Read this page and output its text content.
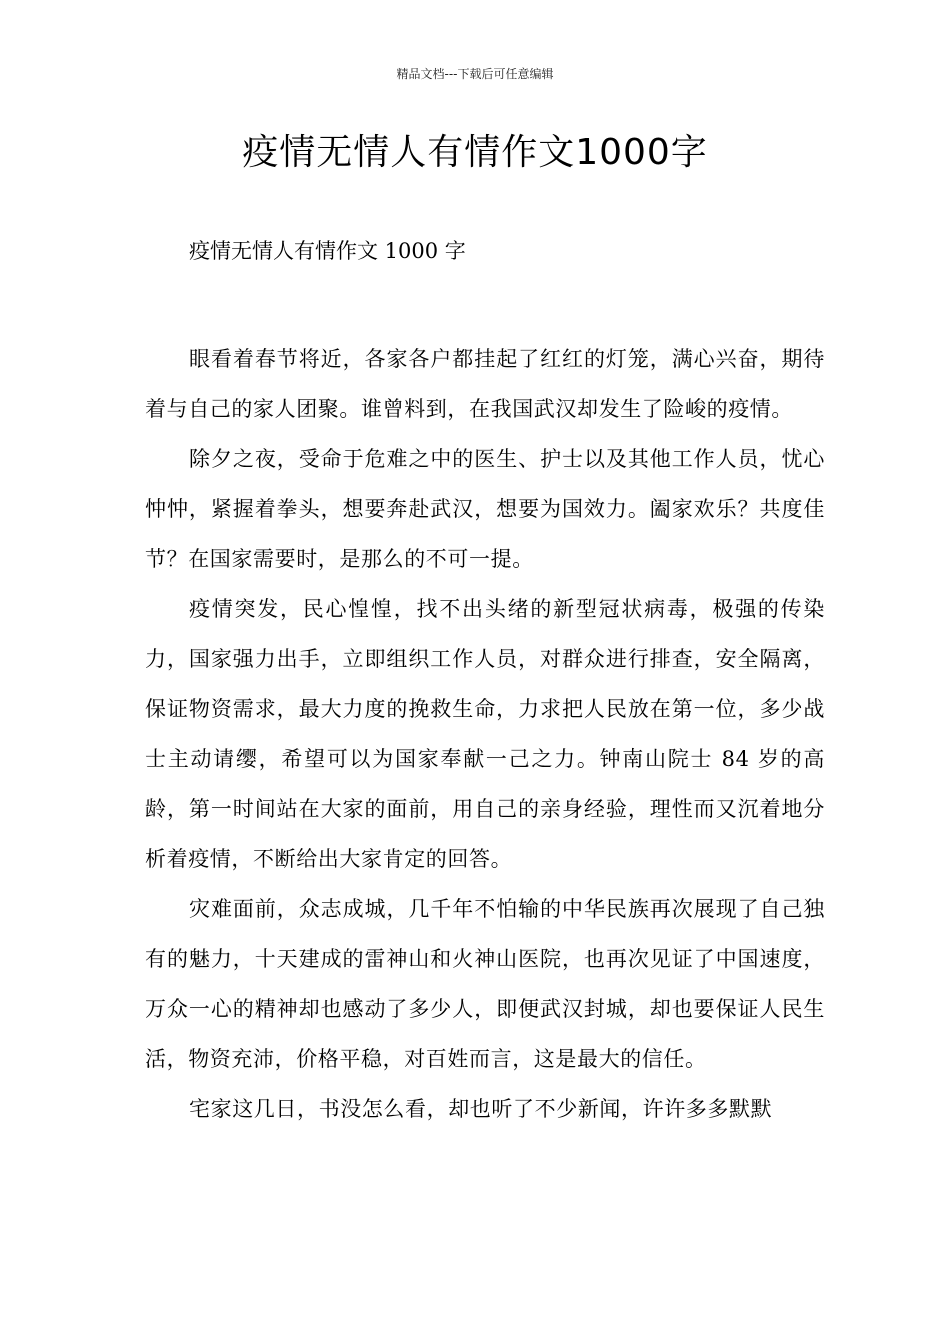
精品文档---下载后可任意编辑
疫情无情人有情作文1000字
疫情无情人有情作文 1000 字

眼看着春节将近，各家各户都挂起了红红的灯笼，满心兴奋，期待着与自己的家人团聚。谁曾料到，在我国武汉却发生了险峻的疫情。

除夕之夜，受命于危难之中的医生、护士以及其他工作人员，忧心忡忡，紧握着拳头，想要奔赴武汉，想要为国效力。阖家欢乐？共度佳节？在国家需要时，是那么的不可一提。

疫情突发，民心惶惶，找不出头绪的新型冠状病毒，极强的传染力，国家强力出手，立即组织工作人员，对群众进行排查，安全隔离，保证物资需求，最大力度的挽救生命，力求把人民放在第一位，多少战士主动请缨，希望可以为国家奉献一己之力。钟南山院士 84 岁的高龄，第一时间站在大家的面前，用自己的亲身经验，理性而又沉着地分析着疫情，不断给出大家肯定的回答。

灾难面前，众志成城，几千年不怕输的中华民族再次展现了自己独有的魅力，十天建成的雷神山和火神山医院，也再次见证了中国速度，万众一心的精神却也感动了多少人，即便武汉封城，却也要保证人民生活，物资充沛，价格平稳，对百姓而言，这是最大的信任。

宅家这几日，书没怎么看，却也听了不少新闻，许许多多默默
